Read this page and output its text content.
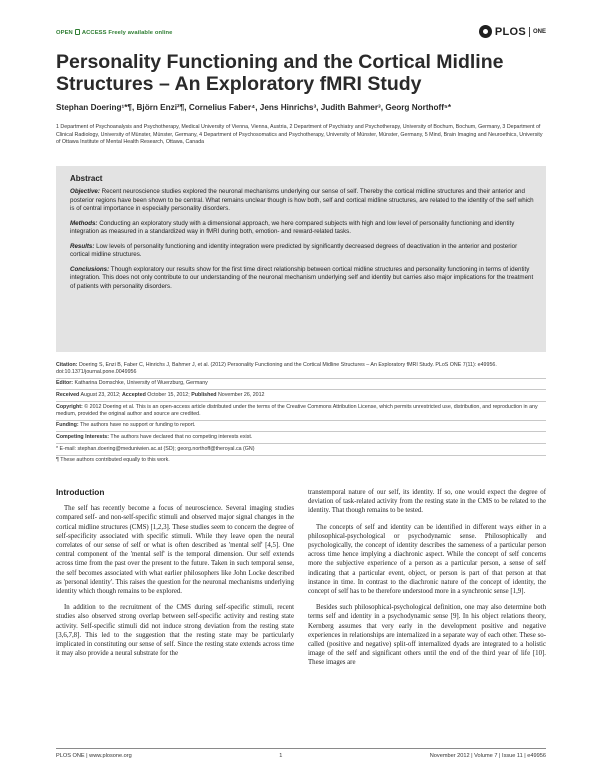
OPEN ACCESS Freely available online	PLOS ONE
Personality Functioning and the Cortical Midline Structures – An Exploratory fMRI Study
Stephan Doering¹*¶, Björn Enzi²¶, Cornelius Faber⁴, Jens Hinrichs³, Judith Bahmer³, Georg Northoff⁵*
1 Department of Psychoanalysis and Psychotherapy, Medical University of Vienna, Vienna, Austria, 2 Department of Psychiatry and Psychotherapy, University of Bochum, Bochum, Germany, 3 Department of Clinical Radiology, University of Münster, Münster, Germany, 4 Department of Psychosomatics and Psychotherapy, University of Münster, Münster, Germany, 5 Mind, Brain Imaging and Neuroethics, University of Ottawa Institute of Mental Health Research, Ottawa, Canada
Abstract

Objective: Recent neuroscience studies explored the neuronal mechanisms underlying our sense of self. Thereby the cortical midline structures and their anterior and posterior regions have been shown to be central. What remains unclear though is how both, self and cortical midline structures, are related to the identity of the self which is of central importance in especially personality disorders.

Methods: Conducting an exploratory study with a dimensional approach, we here compared subjects with high and low level of personality functioning and identity integration as measured in a standardized way in fMRI during both, emotion- and reward-related tasks.

Results: Low levels of personality functioning and identity integration were predicted by significantly decreased degrees of deactivation in the anterior and posterior cortical midline structures.

Conclusions: Though exploratory our results show for the first time direct relationship between cortical midline structures and personality functioning in terms of identity integration. This does not only contribute to our understanding of the neuronal mechanism underlying self and identity but carries also major implications for the treatment of patients with personality disorders.

Citation: Doering S, Enzi B, Faber C, Hinrichs J, Bahmer J, et al. (2012) Personality Functioning and the Cortical Midline Structures – An Exploratory fMRI Study. PLoS ONE 7(11): e49956. doi:10.1371/journal.pone.0049956
Editor: Katharina Domschke, University of Wuerzburg, Germany
Received August 23, 2012; Accepted October 15, 2012; Published November 26, 2012
Copyright: © 2012 Doering et al. This is an open-access article distributed under the terms of the Creative Commons Attribution License, which permits unrestricted use, distribution, and reproduction in any medium, provided the original author and source are credited.
Funding: The authors have no support or funding to report.
Competing Interests: The authors have declared that no competing interests exist.
* E-mail: stephan.doering@meduniwien.ac.at (SD); georg.northoff@theroyal.ca (GN)
¶ These authors contributed equally to this work.
Introduction

The self has recently become a focus of neuroscience. Several imaging studies compared self- and non-self-specific stimuli and observed major signal changes in the cortical midline structures (CMS) [1,2,3]. These studies seem to concern the degree of self-specificity associated with specific stimuli. While they leave open the neural correlates of our sense of self or what is often described as 'mental self' [4,5]. One central component of the 'mental self' is the temporal dimension. Our self extends across time from the past over the present to the future. Taken in such temporal sense, the self becomes associated with what earlier philosophers like John Locke described as 'personal identity'. This raises the question for the neuronal mechanisms underlying identity which though remains to be explored.

In addition to the recruitment of the CMS during self-specific stimuli, recent studies also observed strong overlap between self-specific activity and resting state activity. Self-specific stimuli did not induce strong deviation from the resting state [3,6,7,8]. This led to the suggestion that the resting state may be particularly implicated in constituting our sense of self. Since the resting state extends across time it may also provide a neural substrate for the

transtemporal nature of our self, its identity. If so, one would expect the degree of deviation of task-related activity from the resting state in the CMS to be related to the identity. That though remains to be tested.

The concepts of self and identity can be identified in different ways either in a philosophical-psychological or psychodynamic sense. Philosophically and psychologically, the concept of identity describes the sameness of a particular person across time hence implying a diachronic aspect. While the concept of self concerns more the subjective experience of a person as a particular person, a sense of self indicating that a particular event, object, or person is part of that person at that instance in time. In contrast to the diachronic nature of the concept of identity, the concept of self has to be therefore understood more in a synchronic sense [1,9].

Besides such philosophical-psychological definition, one may also determine both terms self and identity in a psychodynamic sense [9]. In his object relations theory, Kernberg assumes that very early in the development positive and negative experiences in relationships are internalized in a separate way of each other. These so-called (positive and negative) split-off internalized dyads are integrated to a holistic image of the self and significant others until the end of the third year of life [10]. These images are

PLOS ONE | www.plosone.org	1	November 2012 | Volume 7 | Issue 11 | e49956
